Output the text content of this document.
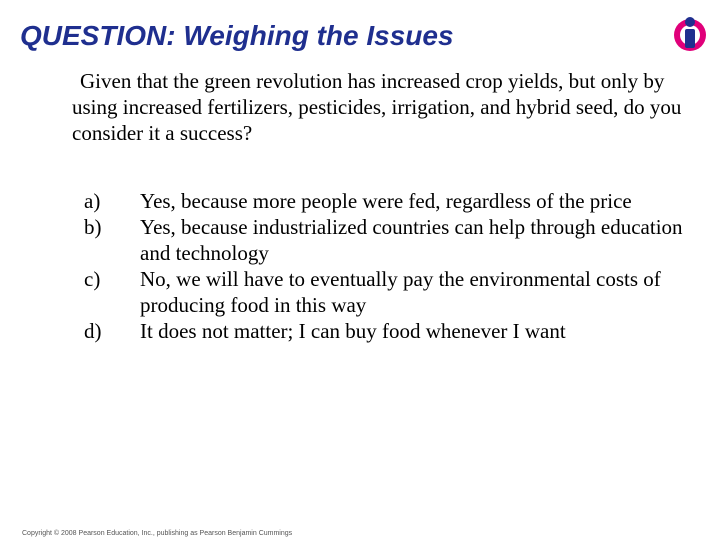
QUESTION: Weighing the Issues
Given that the green revolution has increased crop yields, but only by using increased fertilizers, pesticides, irrigation, and hybrid seed, do you consider it a success?
a)	Yes, because more people were fed, regardless of the price
b)	Yes, because industrialized countries can help through education and technology
c)	No, we will have to eventually pay the environmental costs of producing food in this way
d)	It does not matter; I can buy food whenever I want
Copyright © 2008 Pearson Education, Inc., publishing as Pearson Benjamin Cummings
